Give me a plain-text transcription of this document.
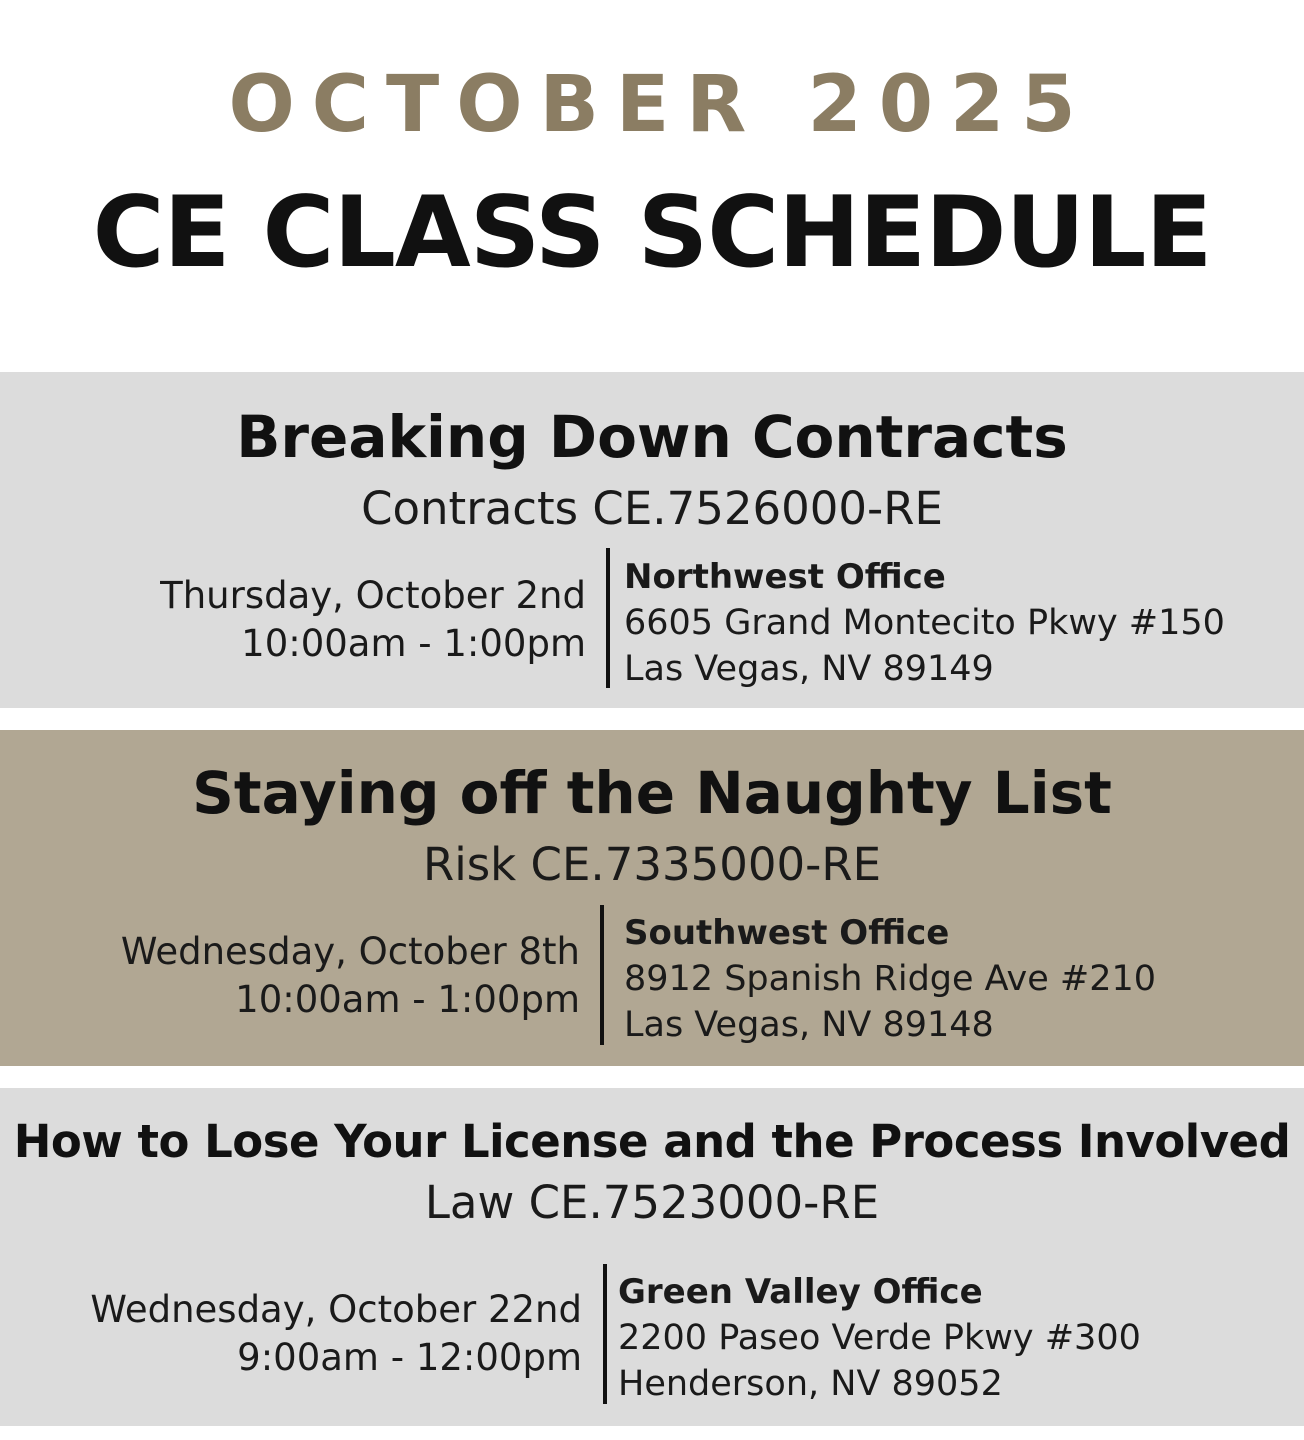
OCTOBER 2025
CE CLASS SCHEDULE
Breaking Down Contracts
Contracts CE.7526000-RE
Thursday, October 2nd
10:00am - 1:00pm
Northwest Office
6605 Grand Montecito Pkwy #150
Las Vegas, NV 89149
Staying off the Naughty List
Risk CE.7335000-RE
Wednesday, October 8th
10:00am - 1:00pm
Southwest Office
8912 Spanish Ridge Ave #210
Las Vegas, NV 89148
How to Lose Your License and the Process Involved
Law CE.7523000-RE
Wednesday, October 22nd
9:00am - 12:00pm
Green Valley Office
2200 Paseo Verde Pkwy #300
Henderson, NV 89052
